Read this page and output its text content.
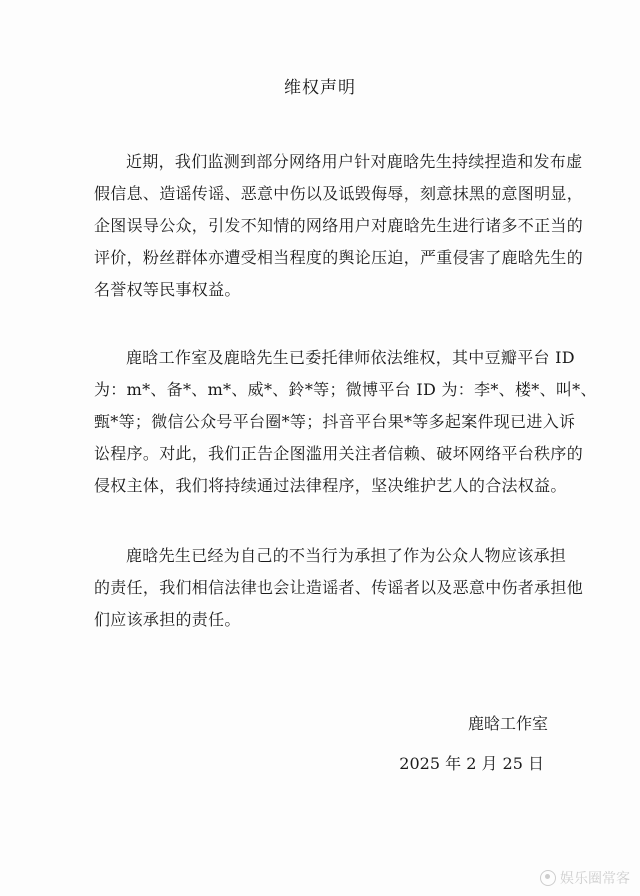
维权声明
近期，我们监测到部分网络用户针对鹿晗先生持续捏造和发布虚
假信息、造谣传谣、恶意中伤以及诋毁侮辱，刻意抹黑的意图明显，
企图误导公众，引发不知情的网络用户对鹿晗先生进行诸多不正当的
评价，粉丝群体亦遭受相当程度的舆论压迫，严重侵害了鹿晗先生的
名誉权等民事权益。
鹿晗工作室及鹿晗先生已委托律师依法维权，其中豆瓣平台 ID
为：m*、备*、m*、威*、鈴*等；微博平台 ID 为：李*、楼*、叫*、
甄*等；微信公众号平台圈*等；抖音平台果*等多起案件现已进入诉
讼程序。对此，我们正告企图滥用关注者信赖、破坏网络平台秩序的
侵权主体，我们将持续通过法律程序，坚决维护艺人的合法权益。
鹿晗先生已经为自己的不当行为承担了作为公众人物应该承担
的责任，我们相信法律也会让造谣者、传谣者以及恶意中伤者承担他
们应该承担的责任。
鹿晗工作室
2025 年 2 月 25 日
娱乐圈常客
